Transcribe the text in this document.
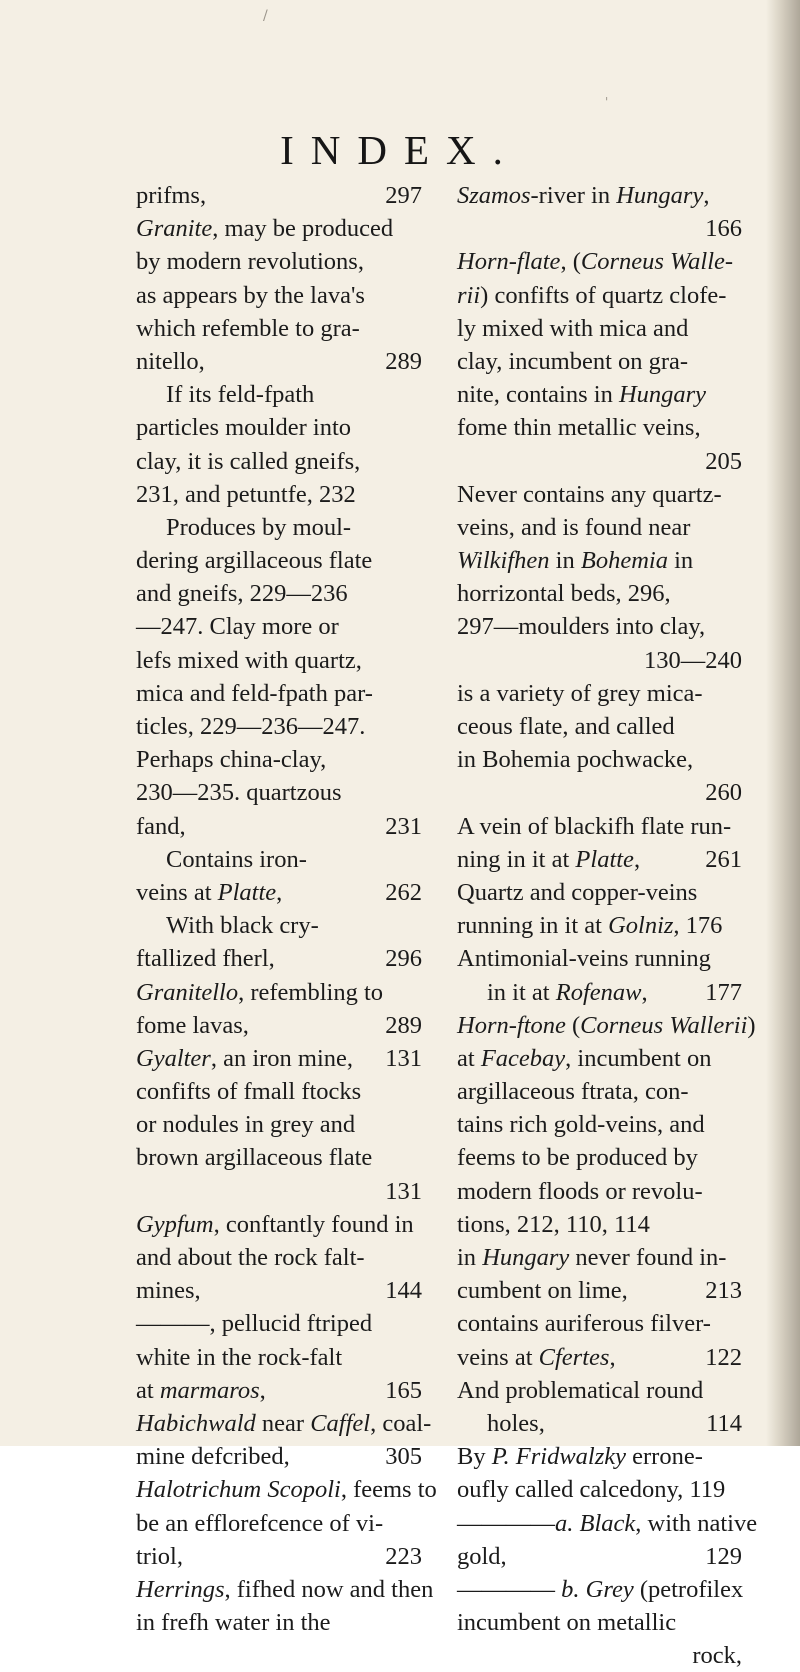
/
'
INDEX.
prifms,	297
Granite, may be produced
by modern revolutions,
as appears by the lava's
which refemble to gra-
nitello,	289
If its feld-fpath
particles moulder into
clay, it is called gneifs,
231, and petuntfe, 232
Produces by moul-
dering argillaceous flate
and gneifs, 229—236
—247. Clay more or
lefs mixed with quartz,
mica and feld-fpath par-
ticles, 229—236—247.
Perhaps china-clay,
230—235. quartzous
fand,	231
Contains iron-
veins at Platte,	262
With black cry-
ftallized fherl,	296
Granitello, refembling to
fome lavas,	289
Gyalter, an iron mine,	131
confifts of fmall ftocks
or nodules in grey and
brown argillaceous flate
131
Gypfum, conftantly found in
and about the rock falt-
mines,	144
———, pellucid ftriped
white in the rock-falt
at marmaros,	165
Habichwald near Caffel, coal-
mine defcribed,	305
Halotrichum Scopoli, feems to
be an efflorefcence of vi-
triol,	223
Herrings, fifhed now and then
in frefh water in the
Szamos-river in Hungary,
166
Horn-flate, (Corneus Walle-
rii) confifts of quartz clofe-
ly mixed with mica and
clay, incumbent on gra-
nite, contains in Hungary
fome thin metallic veins,
205
Never contains any quartz-
veins, and is found near
Wilkifhen in Bohemia in
horrizontal beds, 296,
297—moulders into clay,
130—240
is a variety of grey mica-
ceous flate, and called
in Bohemia pochwacke,
260
A vein of blackifh flate run-
ning in it at Platte,	261
Quartz and copper-veins
running in it at Golniz, 176
Antimonial-veins running
in it at Rofenaw,	177
Horn-ftone (Corneus Wallerii)
at Facebay, incumbent on
argillaceous ftrata, con-
tains rich gold-veins, and
feems to be produced by
modern floods or revolu-
tions, 212, 110, 114
in Hungary never found in-
cumbent on lime,	213
contains auriferous filver-
veins at Cfertes,	122
And problematical round
holes,	114
By P. Fridwalzky errone-
oufly called calcedony, 119
————a. Black, with native
gold,	129
———— b. Grey (petrofilex
incumbent on metallic
rock,
